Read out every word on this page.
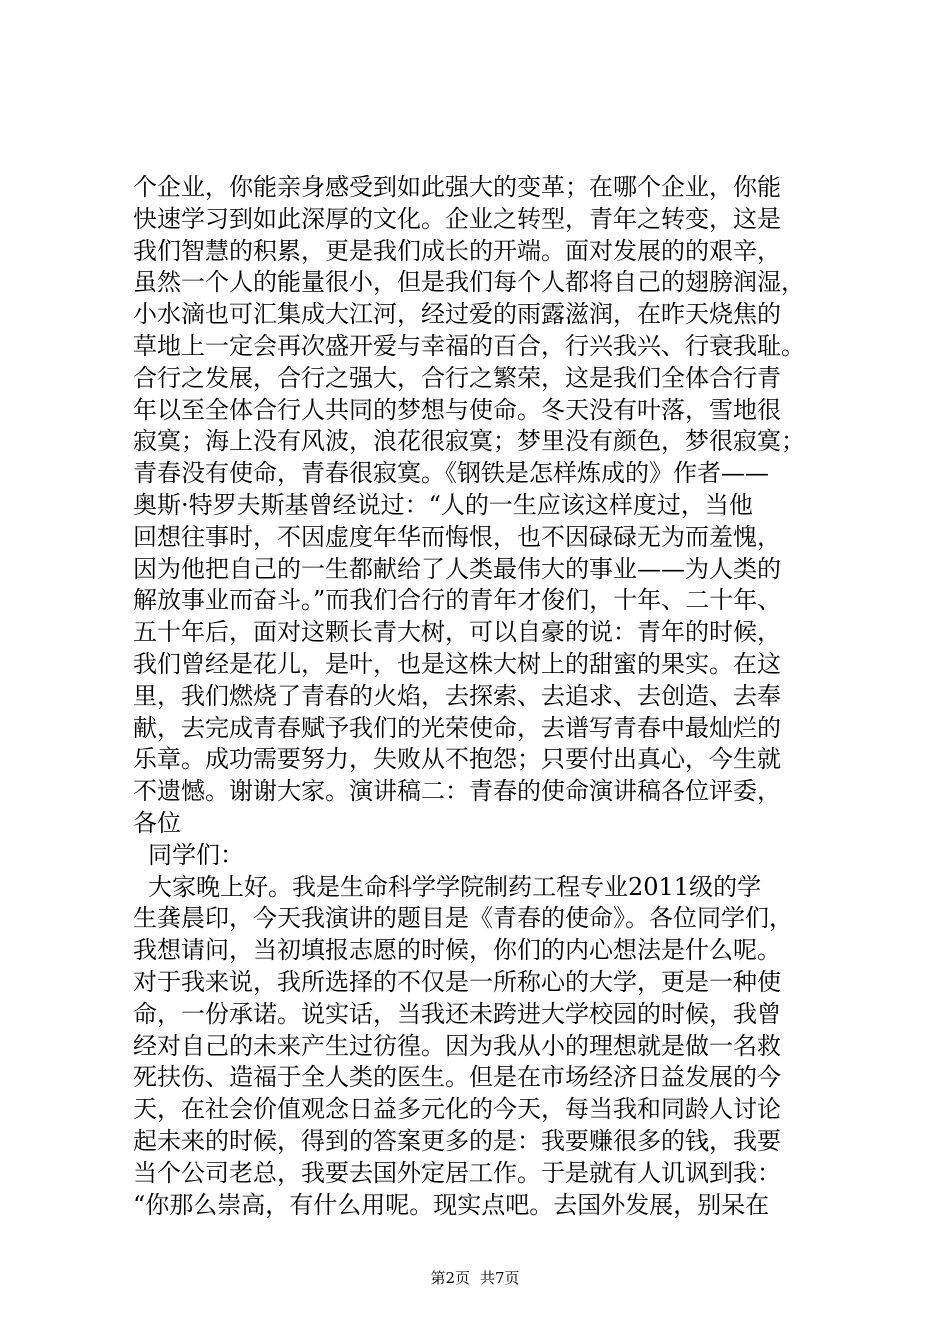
个企业，你能亲身感受到如此强大的变革；在哪个企业，你能
快速学习到如此深厚的文化。企业之转型，青年之转变，这是
我们智慧的积累，更是我们成长的开端。面对发展的的艰辛，
虽然一个人的能量很小，但是我们每个人都将自己的翅膀润湿，
小水滴也可汇集成大江河，经过爱的雨露滋润，在昨天烧焦的
草地上一定会再次盛开爱与幸福的百合，行兴我兴、行衰我耻。
合行之发展，合行之强大，合行之繁荣，这是我们全体合行青
年以至全体合行人共同的梦想与使命。冬天没有叶落，雪地很
寂寞；海上没有风波，浪花很寂寞；梦里没有颜色，梦很寂寞；
青春没有使命，青春很寂寞。《钢铁是怎样炼成的》作者——
奥斯·特罗夫斯基曾经说过：“人的一生应该这样度过，当他
回想往事时，不因虚度年华而悔恨，也不因碌碌无为而羞愧，
因为他把自己的一生都献给了人类最伟大的事业——为人类的
解放事业而奋斗。”而我们合行的青年才俊们，十年、二十年、
五十年后，面对这颗长青大树，可以自豪的说：青年的时候，
我们曾经是花儿，是叶，也是这株大树上的甜蜜的果实。在这
里，我们燃烧了青春的火焰，去探索、去追求、去创造、去奉
献，去完成青春赋予我们的光荣使命，去谱写青春中最灿烂的
乐章。成功需要努力，失败从不抱怨；只要付出真心，今生就
不遗憾。谢谢大家。演讲稿二：青春的使命演讲稿各位评委，
各位
同学们：
大家晚上好。我是生命科学学院制药工程专业2011级的学
生龚晨印，今天我演讲的题目是《青春的使命》。各位同学们，
我想请问，当初填报志愿的时候，你们的内心想法是什么呢。
对于我来说，我所选择的不仅是一所称心的大学，更是一种使
命，一份承诺。说实话，当我还未跨进大学校园的时候，我曾
经对自己的未来产生过彷徨。因为我从小的理想就是做一名救
死扶伤、造福于全人类的医生。但是在市场经济日益发展的今
天，在社会价值观念日益多元化的今天，每当我和同龄人讨论
起未来的时候，得到的答案更多的是：我要赚很多的钱，我要
当个公司老总，我要去国外定居工作。于是就有人讥讽到我：
“你那么崇高，有什么用呢。现实点吧。去国外发展，别呆在
第2页 共7页
